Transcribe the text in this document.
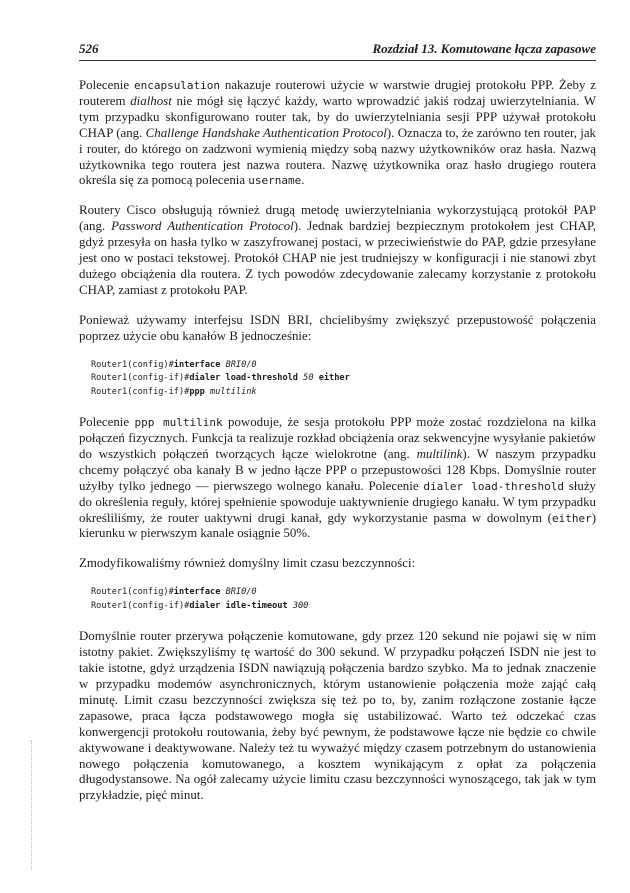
526	Rozdział 13. Komutowane łącza zapasowe

Polecenie encapsulation nakazuje routerowi użycie w warstwie drugiej protokołu PPP. Żeby z routerem dialhost nie mógł się łączyć każdy, warto wprowadzić jakiś rodzaj uwierzytelniania. W tym przypadku skonfigurowano router tak, by do uwierzytelniania sesji PPP używał protokołu CHAP (ang. Challenge Handshake Authentication Protocol). Oznacza to, że zarówno ten router, jak i router, do którego on zadzwoni wymienią między sobą nazwy użytkowników oraz hasła. Nazwą użytkownika tego routera jest nazwa routera. Nazwę użytkownika oraz hasło drugiego routera określa się za pomocą polecenia username.

Routery Cisco obsługują również drugą metodę uwierzytelniania wykorzystującą protokół PAP (ang. Password Authentication Protocol). Jednak bardziej bezpiecznym protokołem jest CHAP, gdyż przesyła on hasła tylko w zaszyfrowanej postaci, w przeciwieństwie do PAP, gdzie przesyłane jest ono w postaci tekstowej. Protokół CHAP nie jest trudniejszy w konfiguracji i nie stanowi zbyt dużego obciążenia dla routera. Z tych powodów zdecydowanie zalecamy korzystanie z protokołu CHAP, zamiast z protokołu PAP.

Ponieważ używamy interfejsu ISDN BRI, chcielibyśmy zwiększyć przepustowość połączenia poprzez użycie obu kanałów B jednocześnie:

Router1(config)#interface BRI0/0
Router1(config-if)#dialer load-threshold 50 either
Router1(config-if)#ppp multilink

Polecenie ppp multilink powoduje, że sesja protokołu PPP może zostać rozdzielona na kilka połączeń fizycznych. Funkcja ta realizuje rozkład obciążenia oraz sekwencyjne wysyłanie pakietów do wszystkich połączeń tworzących łącze wielokrotne (ang. multilink). W naszym przypadku chcemy połączyć oba kanały B w jedno łącze PPP o przepustowości 128 Kbps. Domyślnie router użyłby tylko jednego — pierwszego wolnego kanału. Polecenie dialer load-threshold służy do określenia reguły, której spełnienie spowoduje uaktywnienie drugiego kanału. W tym przypadku określiliśmy, że router uaktywni drugi kanał, gdy wykorzystanie pasma w dowolnym (either) kierunku w pierwszym kanale osiągnie 50%.

Zmodyfikowaliśmy również domyślny limit czasu bezczynności:

Router1(config)#interface BRI0/0
Router1(config-if)#dialer idle-timeout 300

Domyślnie router przerywa połączenie komutowane, gdy przez 120 sekund nie pojawi się w nim istotny pakiet. Zwiększyliśmy tę wartość do 300 sekund. W przypadku połączeń ISDN nie jest to takie istotne, gdyż urządzenia ISDN nawiązują połączenia bardzo szybko. Ma to jednak znaczenie w przypadku modemów asynchronicznych, którym ustanowienie połączenia może zająć całą minutę. Limit czasu bezczynności zwiększa się też po to, by, zanim rozłączone zostanie łącze zapasowe, praca łącza podstawowego mogła się ustabilizować. Warto też odczekać czas konwergencji protokołu routowania, żeby być pewnym, że podstawowe łącze nie będzie co chwile aktywowane i deaktywowane. Należy też tu wyważyć między czasem potrzebnym do ustanowienia nowego połączenia komutowanego, a kosztem wynikającym z opłat za połączenia długodystansowe. Na ogół zalecamy użycie limitu czasu bezczynności wynoszącego, tak jak w tym przykładzie, pięć minut.
